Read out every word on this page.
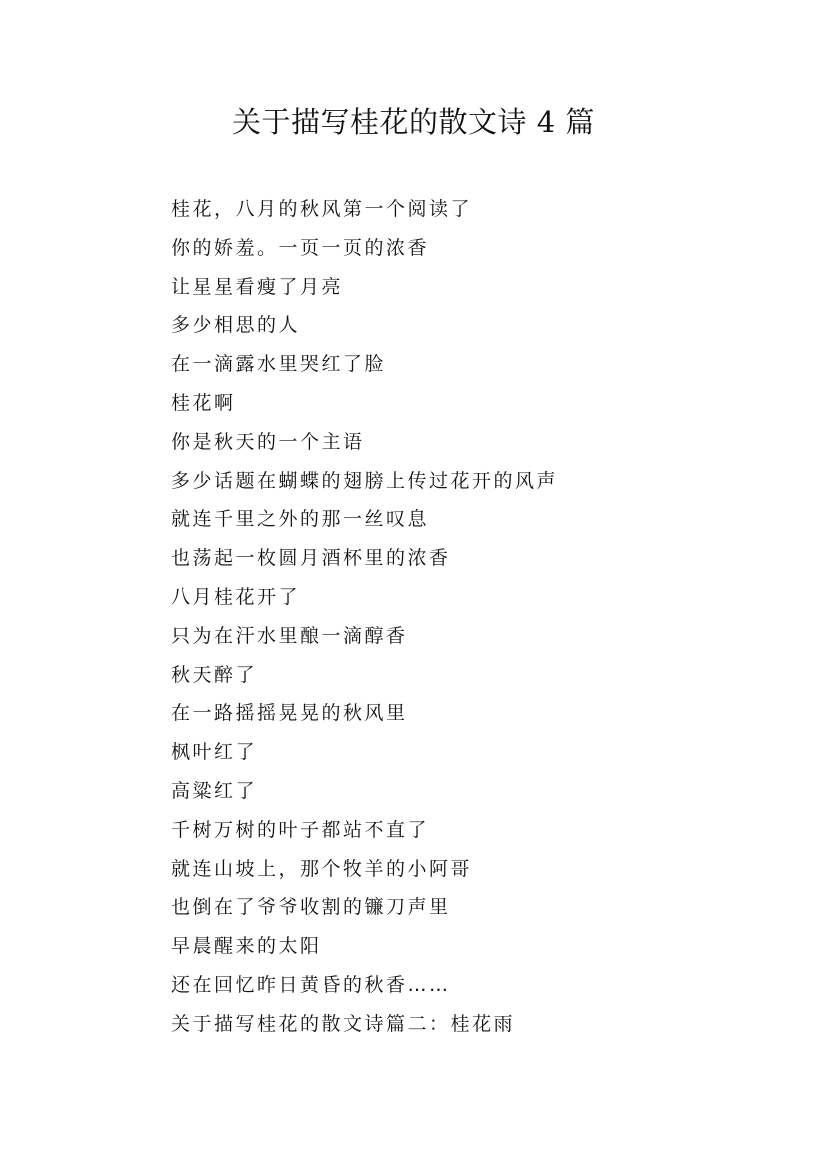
关于描写桂花的散文诗 4 篇
桂花，八月的秋风第一个阅读了
你的娇羞。一页一页的浓香
让星星看瘦了月亮
多少相思的人
在一滴露水里哭红了脸
桂花啊
你是秋天的一个主语
多少话题在蝴蝶的翅膀上传过花开的风声
就连千里之外的那一丝叹息
也荡起一枚圆月酒杯里的浓香
八月桂花开了
只为在汗水里酿一滴醇香
秋天醉了
在一路摇摇晃晃的秋风里
枫叶红了
高粱红了
千树万树的叶子都站不直了
就连山坡上，那个牧羊的小阿哥
也倒在了爷爷收割的镰刀声里
早晨醒来的太阳
还在回忆昨日黄昏的秋香……
关于描写桂花的散文诗篇二：桂花雨
